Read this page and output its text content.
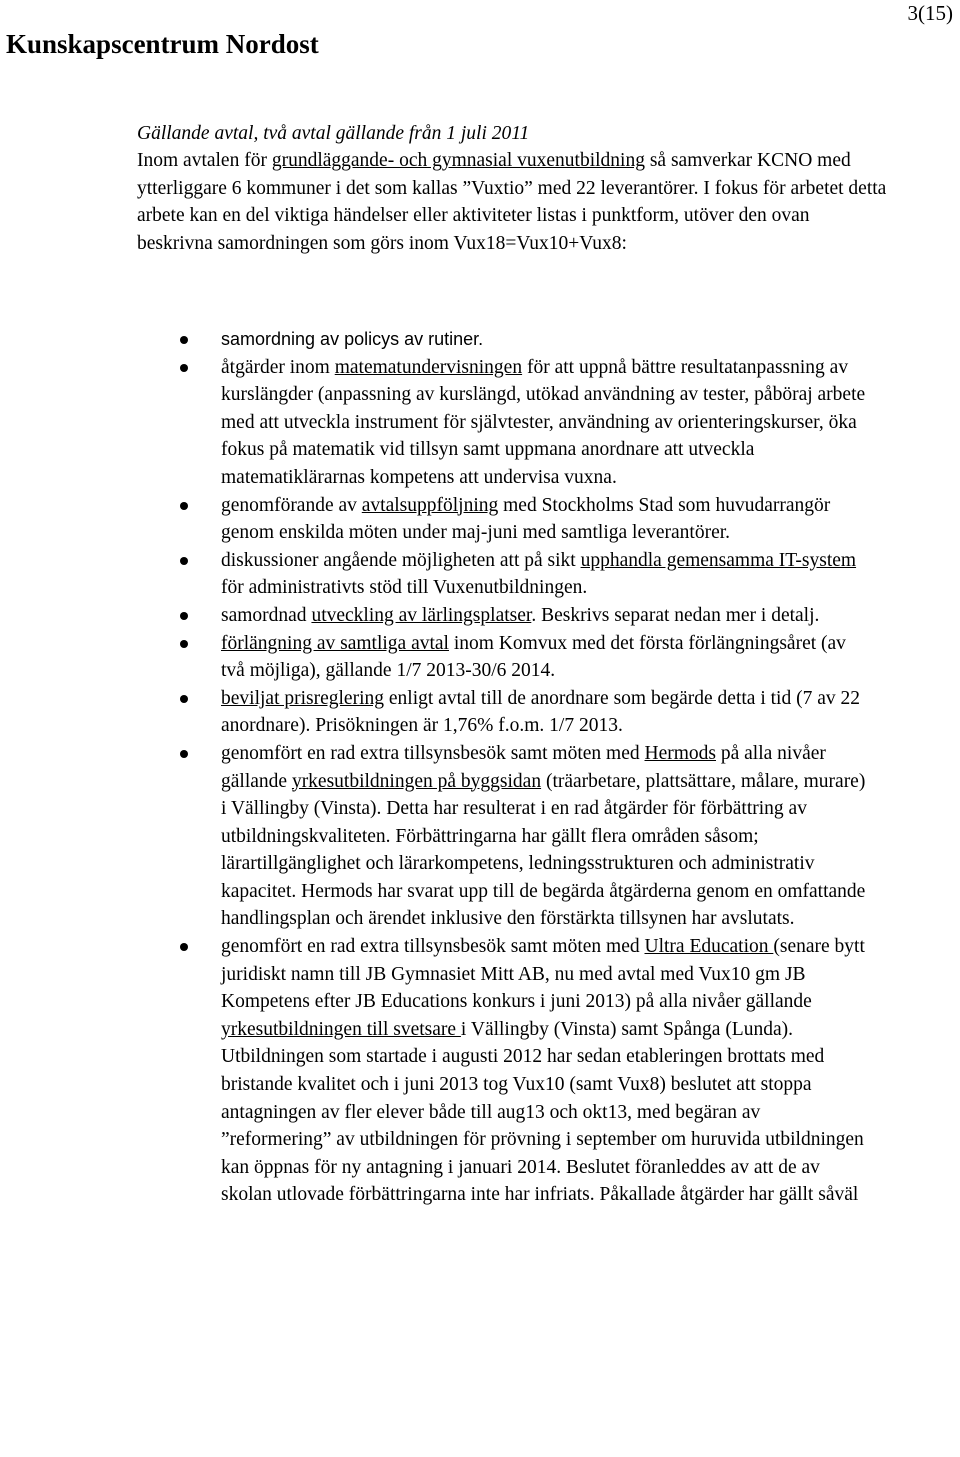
Kunskapscentrum Nordost
3(15)
Gällande avtal, två avtal gällande från 1 juli 2011
Inom avtalen för grundläggande- och gymnasial vuxenutbildning så samverkar KCNO med ytterliggare 6 kommuner i det som kallas ”Vuxtio” med 22 leverantörer. I fokus för arbetet detta arbete kan en del viktiga händelser eller aktiviteter listas i punktform, utöver den ovan beskrivna samordningen som görs inom Vux18=Vux10+Vux8:
samordning av policys av rutiner.
åtgärder inom matematundervisningen för att uppnå bättre resultatanpassning av kurslängder (anpassning av kurslängd, utökad användning av tester, påböraj arbete med att utveckla instrument för självtester, användning av orienteringskurser, öka fokus på matematik vid tillsyn samt uppmana anordnare att utveckla matematiklärarnas kompetens att undervisa vuxna.
genomförande av avtalsuppföljning med Stockholms Stad som huvudarrangör genom enskilda möten under maj-juni med samtliga leverantörer.
diskussioner angående möjligheten att på sikt upphandla gemensamma IT-system för administrativts stöd till Vuxenutbildningen.
samordnad utveckling av lärlingsplatser. Beskrivs separat nedan mer i detalj.
förlängning av samtliga avtal inom Komvux med det första förlängningsåret (av två möjliga), gällande 1/7 2013-30/6 2014.
beviljat prisreglering enligt avtal till de anordnare som begärde detta i tid (7 av 22 anordnare). Prisökningen är 1,76% f.o.m. 1/7 2013.
genomfört en rad extra tillsynsbesök samt möten med Hermods på alla nivåer gällande yrkesutbildningen på byggsidan (träarbetare, plattsättare, målare, murare) i Vällingby (Vinsta). Detta har resulterat i en rad åtgärder för förbättring av utbildningskvaliteten. Förbättringarna har gällt flera områden såsom; lärartillgänglighet och lärarkompetens, ledningsstrukturen och administrativ kapacitet. Hermods har svarat upp till de begärda åtgärderna genom en omfattande handlingsplan och ärendet inklusive den förstärkta tillsynen har avslutats.
genomfört en rad extra tillsynsbesök samt möten med Ultra Education (senare bytt juridiskt namn till JB Gymnasiet Mitt AB, nu med avtal med Vux10 gm JB Kompetens efter JB Educations konkurs i juni 2013) på alla nivåer gällande yrkesutbildningen till svetsare i Vällingby (Vinsta) samt Spånga (Lunda). Utbildningen som startade i augusti 2012 har sedan etableringen brottats med bristande kvalitet och i juni 2013 tog Vux10 (samt Vux8) beslutet att stoppa antagningen av fler elever både till aug13 och okt13, med begäran av ”reformering” av utbildningen för prövning i september om huruvida utbildningen kan öppnas för ny antagning i januari 2014. Beslutet föranleddes av att de av skolan utlovade förbättringarna inte har infriats. Påkallade åtgärder har gällt såväl
